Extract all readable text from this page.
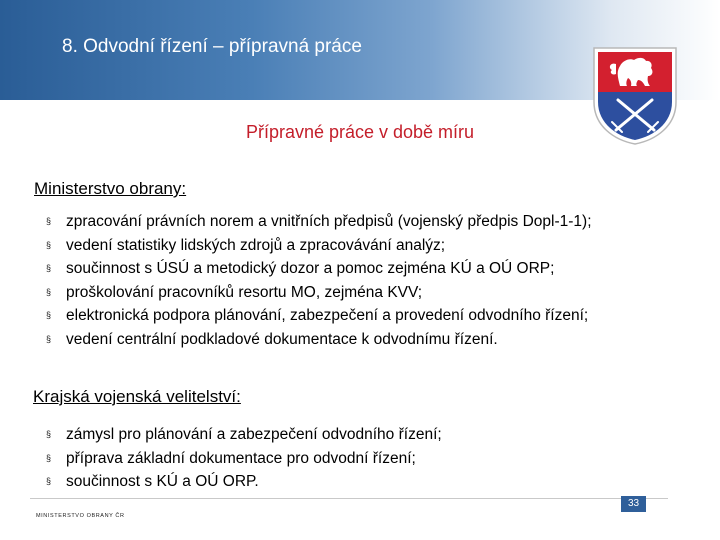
8. Odvodní řízení – přípravná práce
Přípravné práce v době míru
Ministerstvo obrany:
§ zpracování právních norem a vnitřních předpisů (vojenský předpis Dopl-1-1);
§ vedení statistiky lidských zdrojů a zpracovávání analýz;
§ součinnost s ÚSÚ a metodický dozor a pomoc zejména KÚ a OÚ ORP;
§ proškolování pracovníků resortu MO, zejména KVV;
§ elektronická podpora plánování, zabezpečení a provedení odvodního řízení;
§ vedení centrální podkladové dokumentace k odvodnímu řízení.
Krajská vojenská velitelství:
§ zámysl pro plánování a zabezpečení odvodního řízení;
§ příprava základní dokumentace pro odvodní řízení;
§ součinnost s KÚ a OÚ ORP.
33
MINISTERSTVO OBRANY ČR
